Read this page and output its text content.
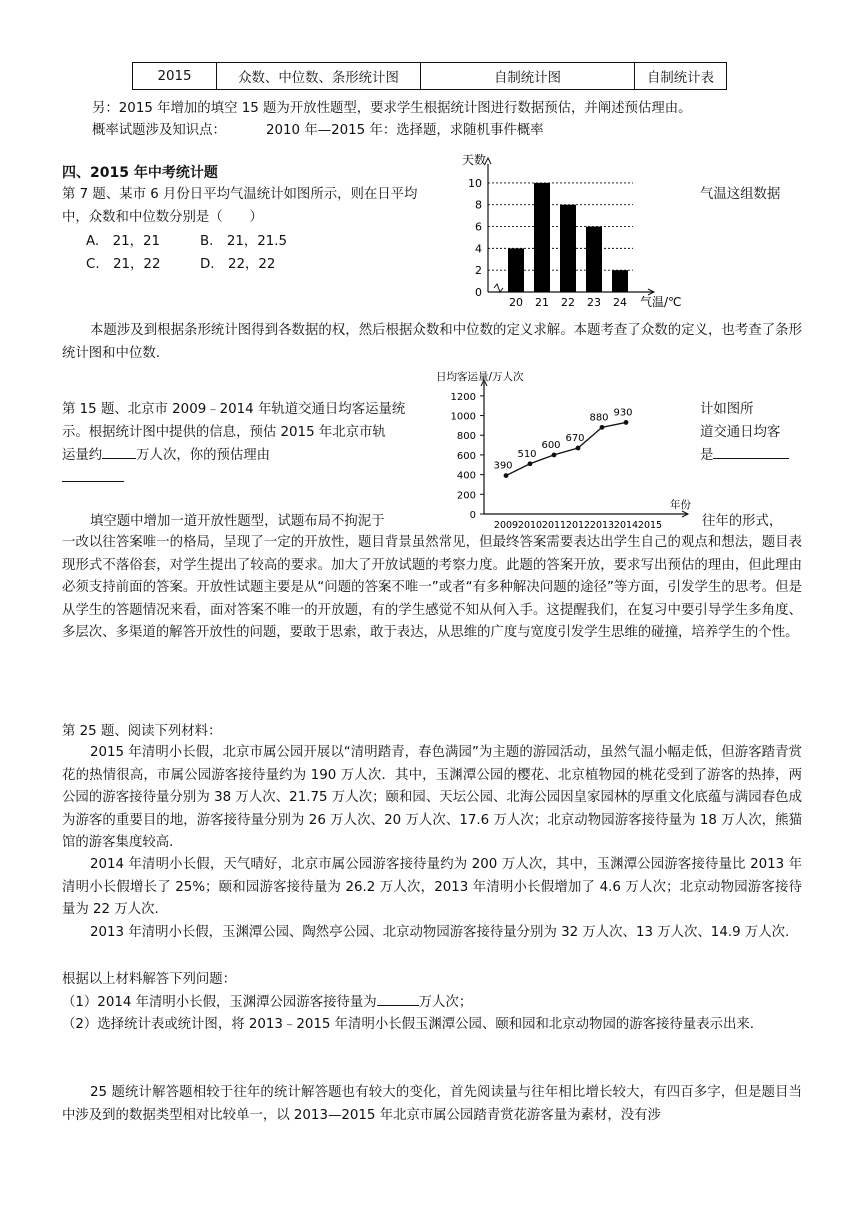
2015	众数、中位数、条形统计图	自制统计图	自制统计表
另：2015 年增加的填空 15 题为开放性题型，要求学生根据统计图进行数据预估，并阐述预估理由。
概率试题涉及知识点：	2010 年—2015 年：选择题，求随机事件概率
四、2015 年中考统计题
第 7 题、某市 6 月份日平均气温统计如图所示，则在日平均	气温这组数据
中，众数和中位数分别是（　　）
A.　21，21	B.　21，21.5
C.　21，22	D.　22，22
0
2
4
6
8
10
20 21 22 23 24
天数
气温/℃
本题涉及到根据条形统计图得到各数据的权，然后根据众数和中位数的定义求解。本题考查了众数的定义，也考查了条形统计图和中位数.
第 15 题、北京市 2009﹣2014 年轨道交通日均客运量统	计如图所
示。根据统计图中提供的信息，预估 2015 年北京市轨	道交通日均客
运量约	万人次，你的预估理由	是
0
200
400
600
800
1000
1200
2009 2010 2011 2012 2013 2014 2015
390
510
600
670
880 930
日均客运量/万人次
年份
填空题中增加一道开放性题型，试题布局不拘泥于	往年的形式，
一改以往答案唯一的格局，呈现了一定的开放性，题目背景虽然常见，但最终答案需要表达出学生自己的观点和想法，题目表现形式不落俗套，对学生提出了较高的要求。加大了开放试题的考察力度。此题的答案开放，要求写出预估的理由，但此理由必须支持前面的答案。开放性试题主要是从“问题的答案不唯一”或者“有多种解决问题的途径”等方面，引发学生的思考。但是从学生的答题情况来看，面对答案不唯一的开放题，有的学生感觉不知从何入手。这提醒我们，在复习中要引导学生多角度、多层次、多渠道的解答开放性的问题，要敢于思索，敢于表达，从思维的广度与宽度引发学生思维的碰撞，培养学生的个性。
第 25 题、阅读下列材料：
2015 年清明小长假，北京市属公园开展以“清明踏青，春色满园”为主题的游园活动，虽然气温小幅走低，但游客踏青赏花的热情很高，市属公园游客接待量约为 190 万人次．其中，玉渊潭公园的樱花、北京植物园的桃花受到了游客的热捧，两公园的游客接待量分别为 38 万人次、21.75 万人次；颐和园、天坛公园、北海公园因皇家园林的厚重文化底蕴与满园春色成为游客的重要目的地，游客接待量分别为 26 万人次、20 万人次、17.6 万人次；北京动物园游客接待量为 18 万人次，熊猫馆的游客集度较高．
2014 年清明小长假，天气晴好，北京市属公园游客接待量约为 200 万人次，其中，玉渊潭公园游客接待量比 2013 年清明小长假增长了 25%；颐和园游客接待量为 26.2 万人次，2013 年清明小长假增加了 4.6 万人次；北京动物园游客接待量为 22 万人次.
2013 年清明小长假，玉渊潭公园、陶然亭公园、北京动物园游客接待量分别为 32 万人次、13 万人次、14.9 万人次.
根据以上材料解答下列问题：
（1）2014 年清明小长假，玉渊潭公园游客接待量为	万人次；
（2）选择统计表或统计图，将 2013﹣2015 年清明小长假玉渊潭公园、颐和园和北京动物园的游客接待量表示出来.
25 题统计解答题相较于往年的统计解答题也有较大的变化，首先阅读量与往年相比增长较大，有四百多字，但是题目当中涉及到的数据类型相对比较单一，以 2013—2015 年北京市属公园踏青赏花游客量为素材，没有涉
